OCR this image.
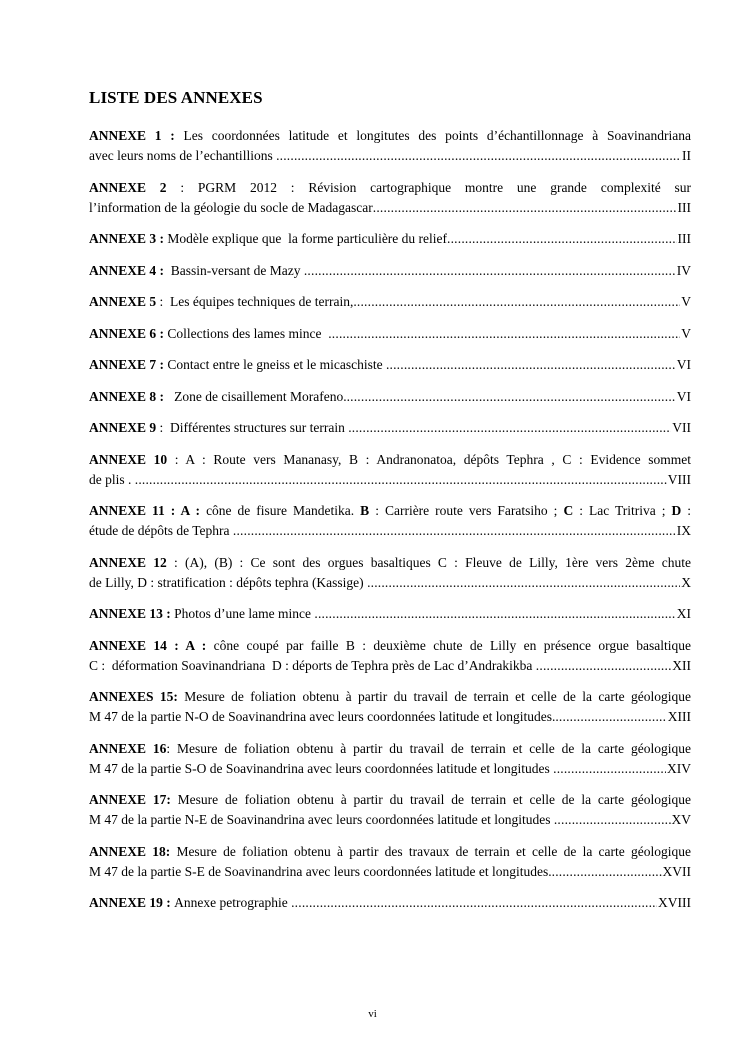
LISTE DES ANNEXES
ANNEXE 1 : Les coordonnées latitude et longitutes des points d’échantillonnage à Soavinandriana
avec leurs noms de l’echantillions .....	II
ANNEXE 2 : PGRM 2012 : Révision cartographique montre une grande complexité sur
l’information de la géologie du socle de Madagascar .....	III
ANNEXE 3 : Modèle explique que  la forme particulière du relief .....	III
ANNEXE 4 :  Bassin-versant de Mazy .....	IV
ANNEXE 5 :  Les équipes techniques de terrain, .....	V
ANNEXE 6 : Collections des lames mince .....	V
ANNEXE 7 : Contact entre le gneiss et le micaschiste .....	VI
ANNEXE 8 :   Zone de cisaillement Morafeno. .....	VI
ANNEXE 9 :  Différentes structures sur terrain .....	VII
ANNEXE 10 : A : Route vers Mananasy, B : Andranonatoa, dépôts Tephra , C : Evidence sommet
de plis . .....	VIII
ANNEXE 11 : A : cône de fisure Mandetika. B : Carrière route vers Faratsiho ; C : Lac Tritriva ; D :
étude de dépôts de Tephra .....	IX
ANNEXE 12 : (A), (B) : Ce sont des orgues basaltiques C : Fleuve de Lilly, 1ère vers 2ème chute
de Lilly, D : stratification : dépôts tephra (Kassige) .....	X
ANNEXE 13 : Photos d’une lame mince .....	XI
ANNEXE 14 : A : cône coupé par faille B : deuxième chute de Lilly en présence orgue basaltique
C :  déformation Soavinandriana  D : déports de Tephra près de Lac d’Andrakikba .....	XII
ANNEXES 15: Mesure de foliation obtenu à partir du travail de terrain et celle de la carte géologique
M 47 de la partie N-O de Soavinandrina avec leurs coordonnées latitude et longitudes. .....	XIII
ANNEXE 16: Mesure de foliation obtenu à partir du travail de terrain et celle de la carte géologique
M 47 de la partie S-O de Soavinandrina avec leurs coordonnées latitude et longitudes .....	XIV
ANNEXE 17: Mesure de foliation obtenu à partir du travail de terrain et celle de la carte géologique
M 47 de la partie N-E de Soavinandrina avec leurs coordonnées latitude et longitudes .....	XV
ANNEXE 18: Mesure de foliation obtenu à partir des travaux de terrain et celle de la carte géologique
M 47 de la partie S-E de Soavinandrina avec leurs coordonnées latitude et longitudes. .....	XVII
ANNEXE 19 : Annexe petrographie .....	XVIII
vi
